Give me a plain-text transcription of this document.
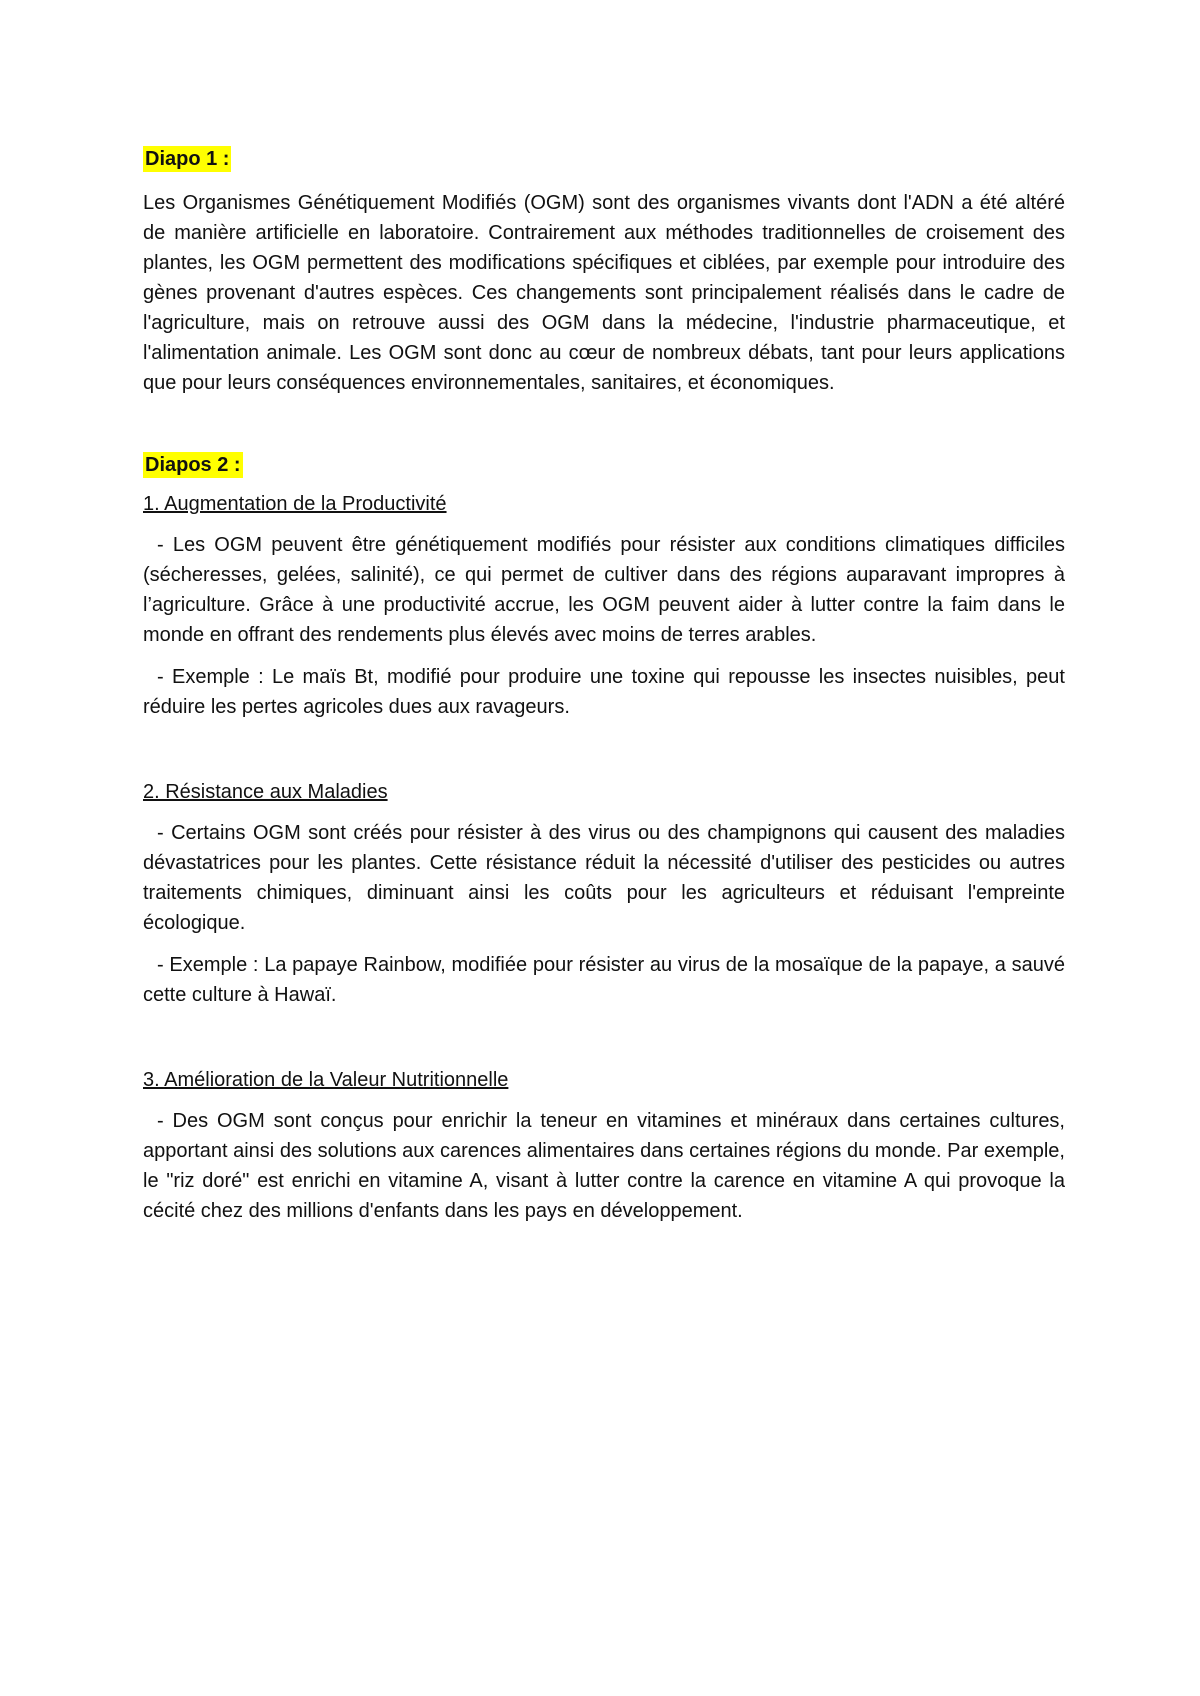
Diapo 1 :

Les Organismes Génétiquement Modifiés (OGM) sont des organismes vivants dont l'ADN a été altéré de manière artificielle en laboratoire. Contrairement aux méthodes traditionnelles de croisement des plantes, les OGM permettent des modifications spécifiques et ciblées, par exemple pour introduire des gènes provenant d'autres espèces. Ces changements sont principalement réalisés dans le cadre de l'agriculture, mais on retrouve aussi des OGM dans la médecine, l'industrie pharmaceutique, et l'alimentation animale. Les OGM sont donc au cœur de nombreux débats, tant pour leurs applications que pour leurs conséquences environnementales, sanitaires, et économiques.

Diapos 2 :
1. Augmentation de la Productivité

- Les OGM peuvent être génétiquement modifiés pour résister aux conditions climatiques difficiles (sécheresses, gelées, salinité), ce qui permet de cultiver dans des régions auparavant impropres à l’agriculture. Grâce à une productivité accrue, les OGM peuvent aider à lutter contre la faim dans le monde en offrant des rendements plus élevés avec moins de terres arables.

- Exemple : Le maïs Bt, modifié pour produire une toxine qui repousse les insectes nuisibles, peut réduire les pertes agricoles dues aux ravageurs.

2. Résistance aux Maladies

- Certains OGM sont créés pour résister à des virus ou des champignons qui causent des maladies dévastatrices pour les plantes. Cette résistance réduit la nécessité d'utiliser des pesticides ou autres traitements chimiques, diminuant ainsi les coûts pour les agriculteurs et réduisant l'empreinte écologique.

- Exemple : La papaye Rainbow, modifiée pour résister au virus de la mosaïque de la papaye, a sauvé cette culture à Hawaï.

3. Amélioration de la Valeur Nutritionnelle

- Des OGM sont conçus pour enrichir la teneur en vitamines et minéraux dans certaines cultures, apportant ainsi des solutions aux carences alimentaires dans certaines régions du monde. Par exemple, le "riz doré" est enrichi en vitamine A, visant à lutter contre la carence en vitamine A qui provoque la cécité chez des millions d'enfants dans les pays en développement.
